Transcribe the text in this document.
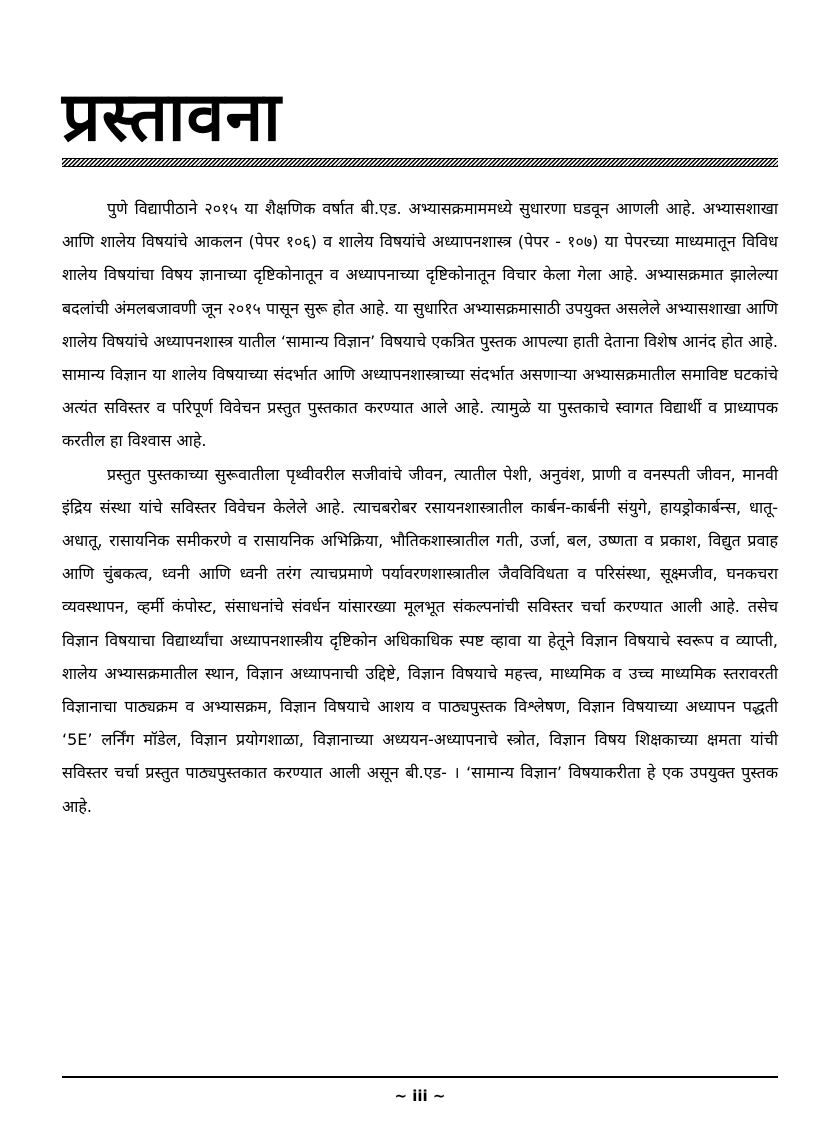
प्रस्तावना

पुणे विद्यापीठाने २०१५ या शैक्षणिक वर्षात बी.एड. अभ्यासक्रमाममध्ये सुधारणा घडवून आणली आहे. अभ्यासशाखा आणि शालेय विषयांचे आकलन (पेपर १०६) व शालेय विषयांचे अध्यापनशास्त्र (पेपर - १०७) या पेपरच्या माध्यमातून विविध शालेय विषयांचा विषय ज्ञानाच्या दृष्टिकोनातून व अध्यापनाच्या दृष्टिकोनातून विचार केला गेला आहे. अभ्यासक्रमात झालेल्या बदलांची अंमलबजावणी जून २०१५ पासून सुरू होत आहे. या सुधारित अभ्यासक्रमासाठी उपयुक्त असलेले अभ्यासशाखा आणि शालेय विषयांचे अध्यापनशास्त्र यातील ‘सामान्य विज्ञान’ विषयाचे एकत्रित पुस्तक आपल्या हाती देताना विशेष आनंद होत आहे. सामान्य विज्ञान या शालेय विषयाच्या संदर्भात आणि अध्यापनशास्त्राच्या संदर्भात असणाऱ्या अभ्यासक्रमातील समाविष्ट घटकांचे अत्यंत सविस्तर व परिपूर्ण विवेचन प्रस्तुत पुस्तकात करण्यात आले आहे. त्यामुळे या पुस्तकाचे स्वागत विद्यार्थी व प्राध्यापक करतील हा विश्वास आहे.

प्रस्तुत पुस्तकाच्या सुरूवातीला पृथ्वीवरील सजीवांचे जीवन, त्यातील पेशी, अनुवंश, प्राणी व वनस्पती जीवन, मानवी इंद्रिय संस्था यांचे सविस्तर विवेचन केलेले आहे. त्याचबरोबर रसायनशास्त्रातील कार्बन-कार्बनी संयुगे, हायड्रोकार्बन्स, धातू-अधातू, रासायनिक समीकरणे व रासायनिक अभिक्रिया, भौतिकशास्त्रातील गती, उर्जा, बल, उष्णता व प्रकाश, विद्युत प्रवाह आणि चुंबकत्व, ध्वनी आणि ध्वनी तरंग त्याचप्रमाणे पर्यावरणशास्त्रातील जैवविविधता व परिसंस्था, सूक्ष्मजीव, घनकचरा व्यवस्थापन, व्हर्मी कंपोस्ट, संसाधनांचे संवर्धन यांसारख्या मूलभूत संकल्पनांची सविस्तर चर्चा करण्यात आली आहे. तसेच विज्ञान विषयाचा विद्यार्थ्यांचा अध्यापनशास्त्रीय दृष्टिकोन अधिकाधिक स्पष्ट व्हावा या हेतूने विज्ञान विषयाचे स्वरूप व व्याप्ती, शालेय अभ्यासक्रमातील स्थान, विज्ञान अध्यापनाची उद्दिष्टे, विज्ञान विषयाचे महत्त्व, माध्यमिक व उच्च माध्यमिक स्तरावरती विज्ञानाचा पाठ्यक्रम व अभ्यासक्रम, विज्ञान विषयाचे आशय व पाठ्यपुस्तक विश्लेषण, विज्ञान विषयाच्या अध्यापन पद्धती ‘5E’ लर्निंग मॉडेल, विज्ञान प्रयोगशाळा, विज्ञानाच्या अध्ययन-अध्यापनाचे स्त्रोत, विज्ञान विषय शिक्षकाच्या क्षमता यांची सविस्तर चर्चा प्रस्तुत पाठ्यपुस्तकात करण्यात आली असून बी.एड- । ‘सामान्य विज्ञान’ विषयाकरीता हे एक उपयुक्त पुस्तक आहे.

~ iii ~
